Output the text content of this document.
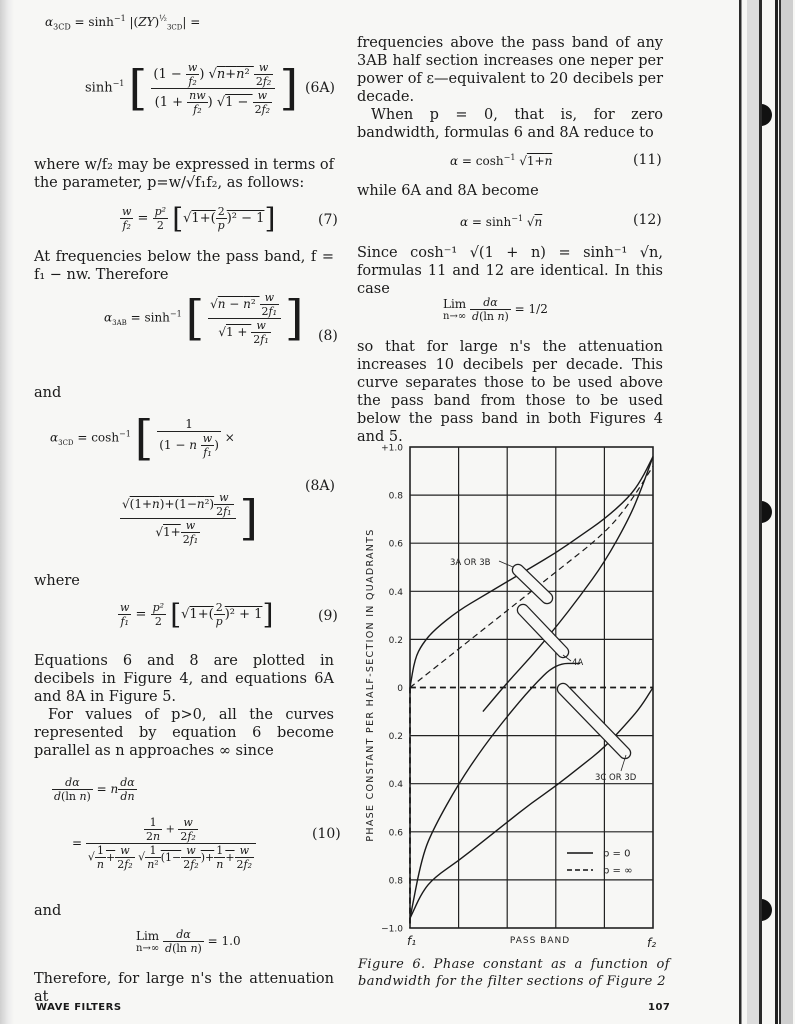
$\alpha_{3CD} = \sinh^{-1} |(ZY)^{\frac{1}{2}}_{3CD}|$ =
$\sinh^{-1}$ [ $\frac{(1 - \frac{w}{\text{f₂}} ) √n+n^2 \frac{w}{\text{2f₂}}}{(1 + \frac{nw}{\text{f₂}} ) √1 - \frac{w}{\text{2f₂}}}$ ] (6A)

where w/f₂ may be expressed in terms of the parameter, p=w/√f₁f₂, as follows:

$\frac{w}{\text{f₂}} = \frac{\text{p²}}{2} [√1+( \frac{2}{p} )^2 - 1]$	(7)

At frequencies below the pass band, f = f₁ − nw. Therefore

$\alpha_{3AB} = \sinh^{-1}$ [ $\frac{√n - n^2 \frac{w}{\text{2f₁}}}{√1 + \frac{w}{\text{2f₁}}}$ ] (8)

and

$\alpha_{3CD} = \cosh^{-1}$ [ $\frac{1}{(1 - n \frac{w}{\text{f₁}} )}$ ×
$\frac{√(1+n)+(1-n^2) \frac{w}{\text{2f₁}}}{√1+ \frac{w}{\text{2f₁}}}$ ]
(8A)

where

$\frac{w}{\text{f₁}} = \frac{\text{p²}}{2} [√1+( \frac{2}{p} )^2 + 1]$	(9)

Equations 6 and 8 are plotted in decibels in Figure 4, and equations 6A and 8A in Figure 5.

For values of p>0, all the curves represented by equation 6 become parallel as n approaches ∞ since

$\frac{d\alpha}{\text{d(ln n)}} = n \frac{d\alpha}{dn}$
= $\frac{\frac{1}{2n} + \frac{w}{\text{2f₂}}}{√ \frac{1}{n} + \frac{w}{\text{2f₂}} √ \frac{1}{\text{n²}} (1- \frac{w}{\text{2f₂}} )+ \frac{1}{n} + \frac{w}{\text{2f₂}}}$	(10)

and

Lim
n→∞
$\frac{d\alpha}{\text{d(ln n)}} = 1.0$

Therefore, for large n's the attenuation at

WAVE FILTERS

frequencies above the pass band of any 3AB half section increases one neper per power of ε—equivalent to 20 decibels per decade.

When p = 0, that is, for zero bandwidth, formulas 6 and 8A reduce to

$\alpha = \cosh^{-1} √1+n$	(11)

while 6A and 8A become

$\alpha = \sinh^{-1} √n$	(12)

Since cosh⁻¹ √(1 + n) = sinh⁻¹ √n, formulas 11 and 12 are identical. In this case

Lim
n→∞
$\frac{d\alpha}{\text{d(ln n)}} = 1/2$

so that for large n's the attenuation increases 10 decibels per decade. This curve separates those to be used above the pass band from those to be used below the pass band in both Figures 4 and 5.

+1.0
0.8
0.6
0.4
0.2
0
0.2
0.4
0.6
0.8
−1.0
PHASE CONSTANT PER HALF-SECTION IN QUADRANTS
PASS BAND
f₁	f₂
3A OR 3B
4A
3C OR 3D
p = 0
p = ∞
Figure 6. Phase constant as a function of bandwidth for the filter sections of Figure 2
107
